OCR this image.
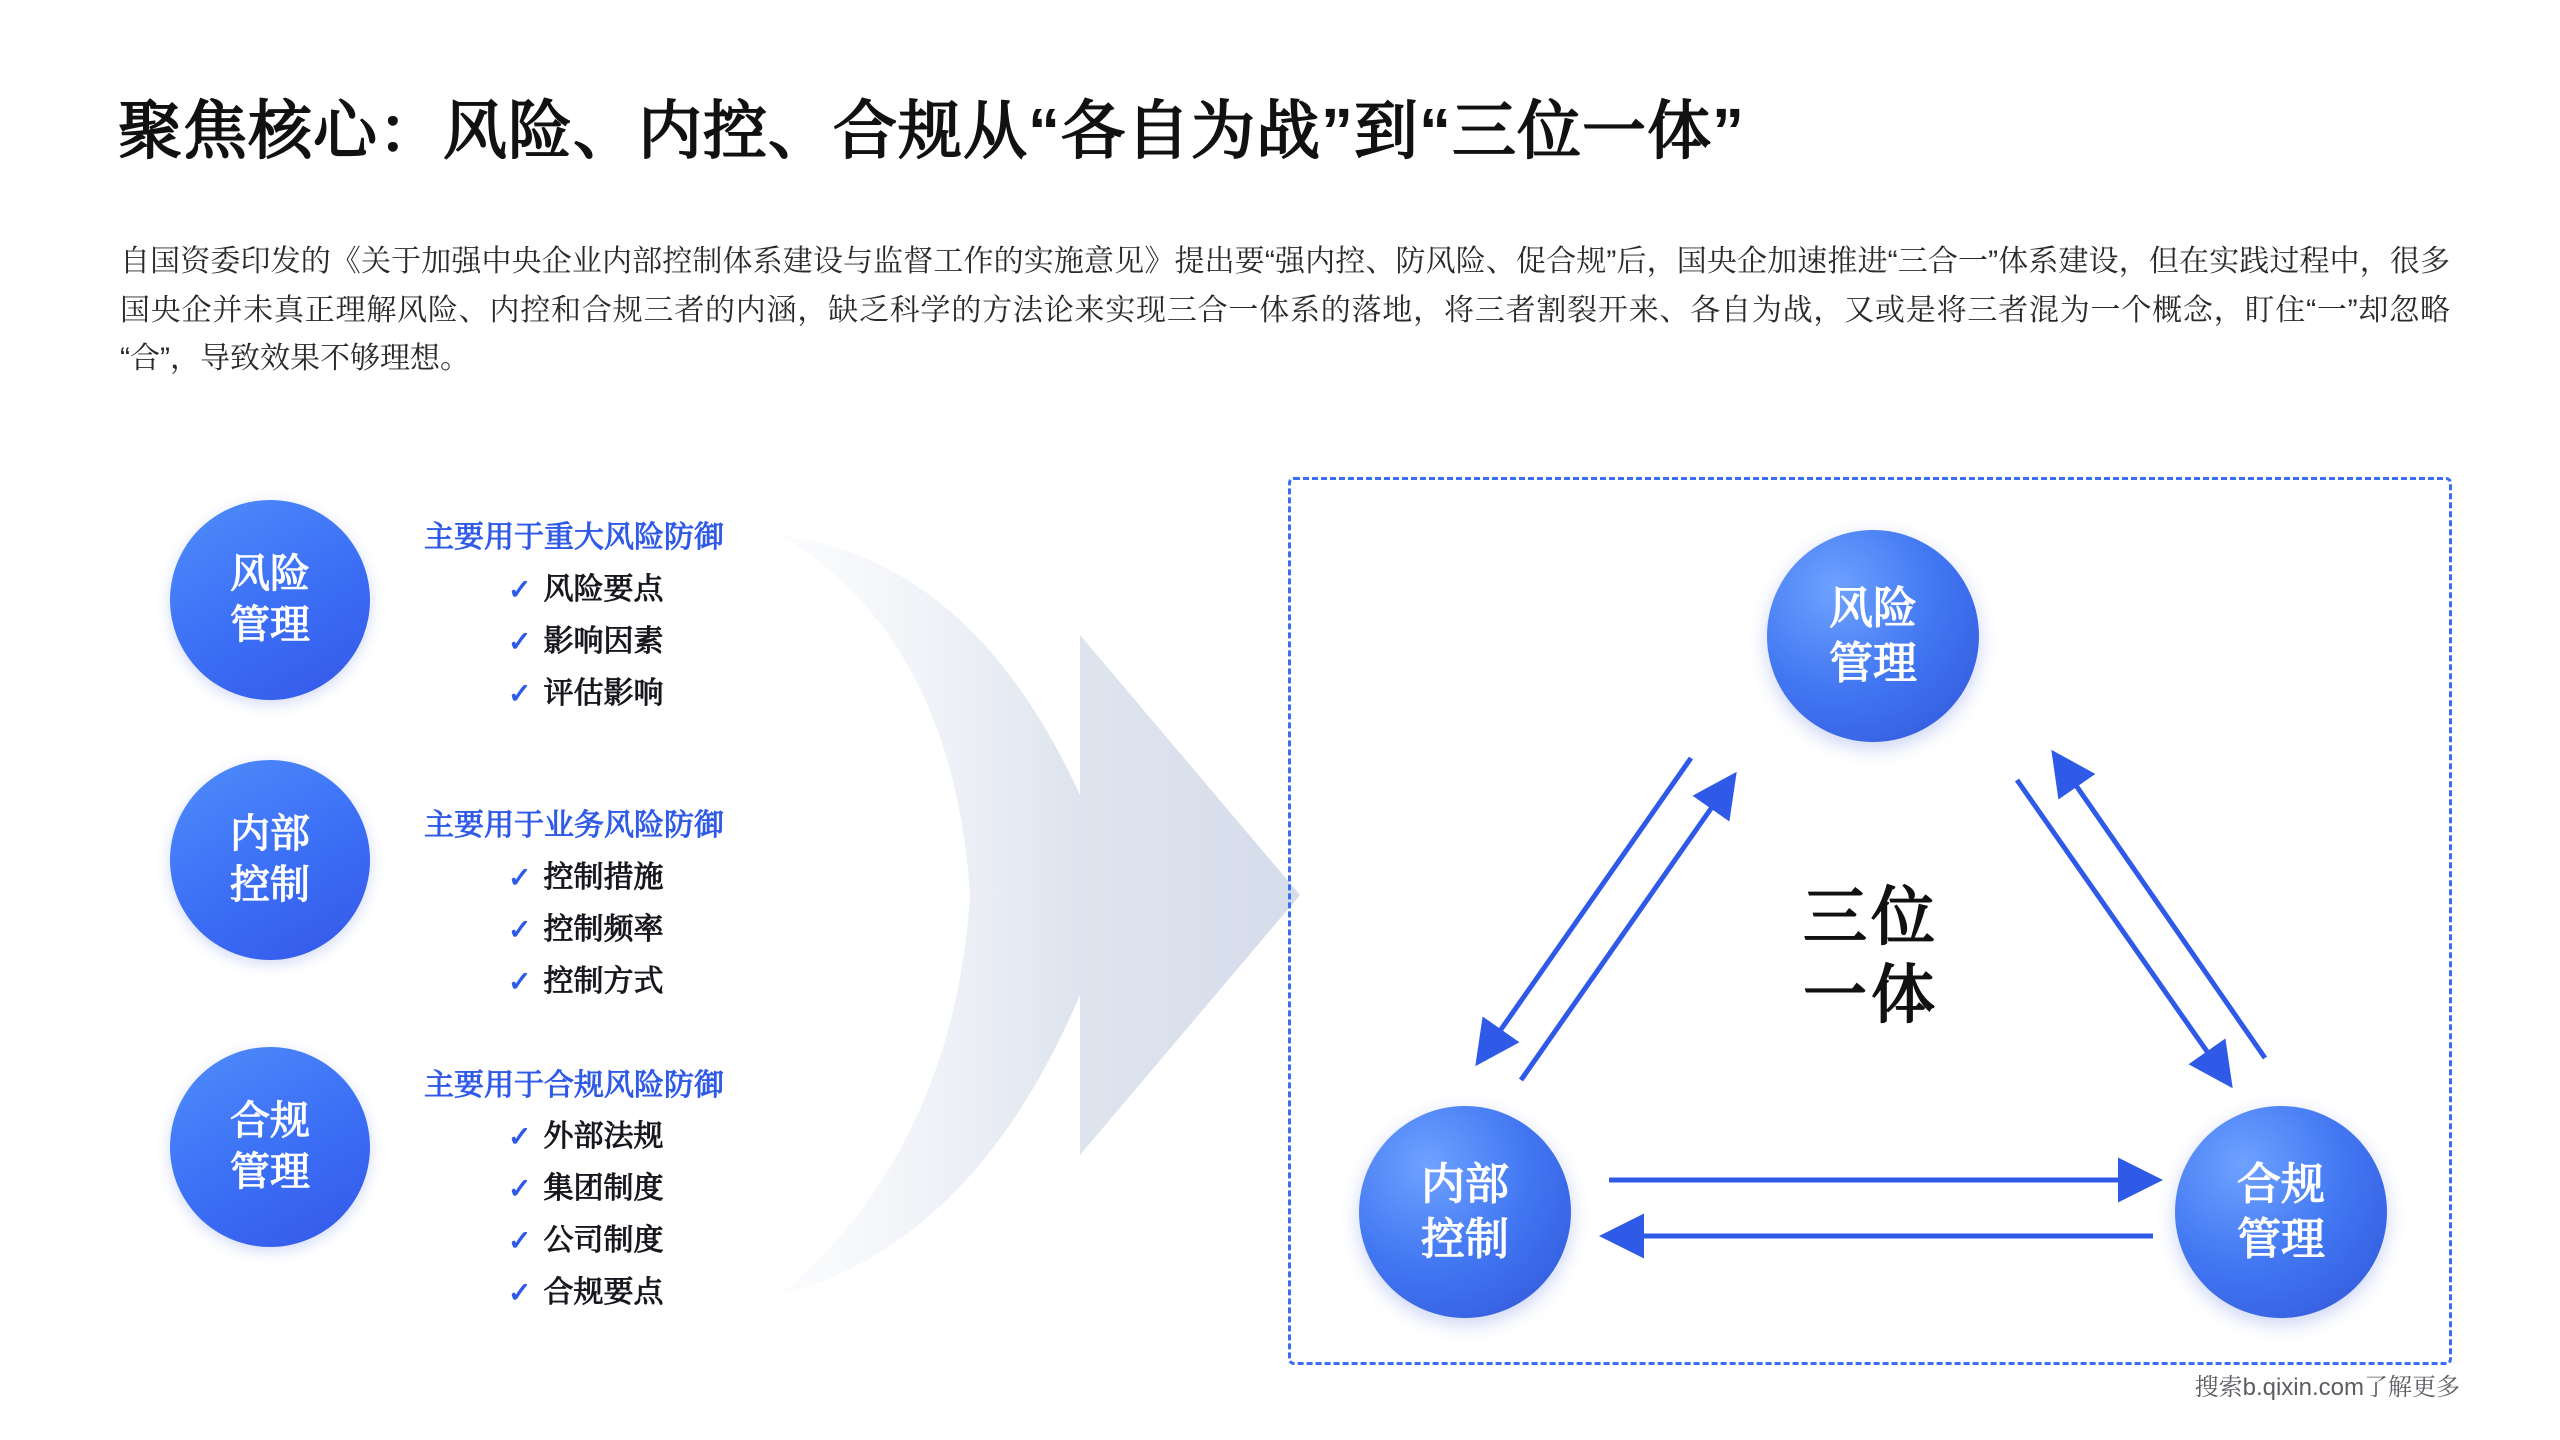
聚焦核心：风险、内控、合规从“各自为战”到“三位一体”
自国资委印发的《关于加强中央企业内部控制体系建设与监督工作的实施意见》提出要“强内控、防风险、促合规”后，国央企加速推进“三合一”体系建设，但在实践过程中，很多国央企并未真正理解风险、内控和合规三者的内涵，缺乏科学的方法论来实现三合一体系的落地，将三者割裂开来、各自为战，又或是将三者混为一个概念，盯住“一”却忽略“合”，导致效果不够理想。
风险
管理
主要用于重大风险防御
✓ 风险要点
✓ 影响因素
✓ 评估影响
内部
控制
主要用于业务风险防御
✓ 控制措施
✓ 控制频率
✓ 控制方式
合规
管理
主要用于合规风险防御
✓ 外部法规
✓ 集团制度
✓ 公司制度
✓ 合规要点
风险
管理
内部
控制
合规
管理
三位
一体
搜索b.qixin.com了解更多
